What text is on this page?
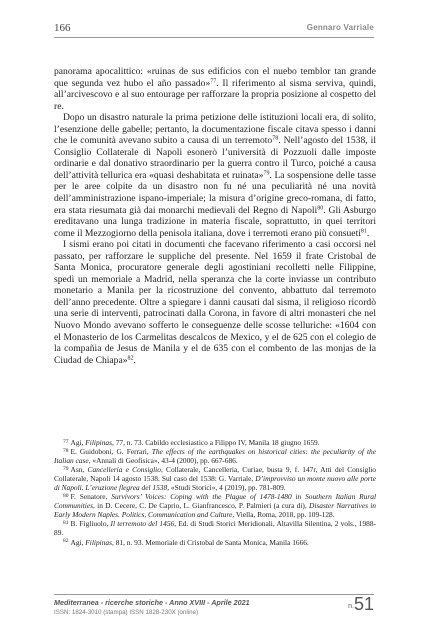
166	Gennaro Varriale

panorama apocalittico: «ruinas de sus edificios con el nuebo temblor tan grande que segunda vez hubo el año passado»$^{77}$. Il riferimento al sisma serviva, quindi, all’arcivescovo e al suo entourage per rafforzare la propria posizione al cospetto del re.

Dopo un disastro naturale la prima petizione delle istituzioni locali era, di solito, l’esenzione delle gabelle; pertanto, la documentazione fiscale citava spesso i danni che le comunità avevano subito a causa di un terremoto$^{78}$. Nell’agosto del 1538, il Consiglio Collaterale di Napoli esonerò l’università di Pozzuoli dalle imposte ordinarie e dal donativo straordinario per la guerra contro il Turco, poiché a causa dell’attività tellurica era «quasi deshabitata et ruinata»$^{79}$. La sospensione delle tasse per le aree colpite da un disastro non fu né una peculiarità né una novità dell’amministrazione ispano-imperiale; la misura d’origine greco-romana, di fatto, era stata riesumata già dai monarchi medievali del Regno di Napoli$^{80}$. Gli Asburgo ereditavano una lunga tradizione in materia fiscale, soprattutto, in quei territori come il Mezzogiorno della penisola italiana, dove i terremoti erano più consueti$^{81}$.

I sismi erano poi citati in documenti che facevano riferimento a casi occorsi nel passato, per rafforzare le suppliche del presente. Nel 1659 il frate Cristobal de Santa Monica, procuratore generale degli agostiniani recolletti nelle Filippine, spedì un memoriale a Madrid, nella speranza che la corte inviasse un contributo monetario a Manila per la ricostruzione del convento, abbattuto dal terremoto dell’anno precedente. Oltre a spiegare i danni causati dal sisma, il religioso ricordò una serie di interventi, patrocinati dalla Corona, in favore di altri monasteri che nel Nuovo Mondo avevano sofferto le conseguenze delle scosse telluriche: «1604 con el Monasterio de los Carmelitas descalcos de Mexico, y el de 625 con el colegio de la compañia de Jesus de Manila y el de 635 con el combento de las monjas de la Ciudad de Chiapa»$^{82}$.

$^{77}$ Agi, Filipinas, 77, n. 73. Cabildo ecclesiastico a Filippo IV, Manila 18 giugno 1659.

$^{78}$ E. Guidoboni, G. Ferrari, The effects of the earthquakes on historical cities: the peculiarity of the Italian case, «Annali di Geofisica», 43-4 (2000), pp. 667-686.

$^{79}$ Asn, Cancelleria e Consiglio, Collaterale, Cancelleria, Curiae, busta 9, f. 147r, Atti del Consiglio Collaterale, Napoli 14 agosto 1538. Sul caso del 1538: G. Varriale, D’improvviso un monte nuovo alle porte di Napoli. L’eruzione flegrea del 1538, «Studi Storici», 4 (2019), pp. 781-809.

$^{80}$ F. Senatore, Survivors’ Voices: Coping with the Plague of 1478-1480 in Southern Italian Rural Communities, in D. Cecere, C. De Caprio, L. Gianfrancesco, P. Palmieri (a cura di), Disaster Narratives in Early Modern Naples. Politics, Communication and Culture, Viella, Roma, 2018, pp. 109-128.

$^{81}$ B. Figliuolo, Il terremoto del 1456, Ed. di Studi Storici Meridionali, Altavilla Silentina, 2 vols., 1988-89.

$^{82}$ Agi, Filipinas, 81, n. 93. Memoriale di Cristobal de Santa Monica, Manila 1666.

Mediterranea - ricerche storiche - Anno XVIII - Aprile 2021
ISSN: 1824-3010 (stampa) ISSN 1828-230X (online)
n.51
